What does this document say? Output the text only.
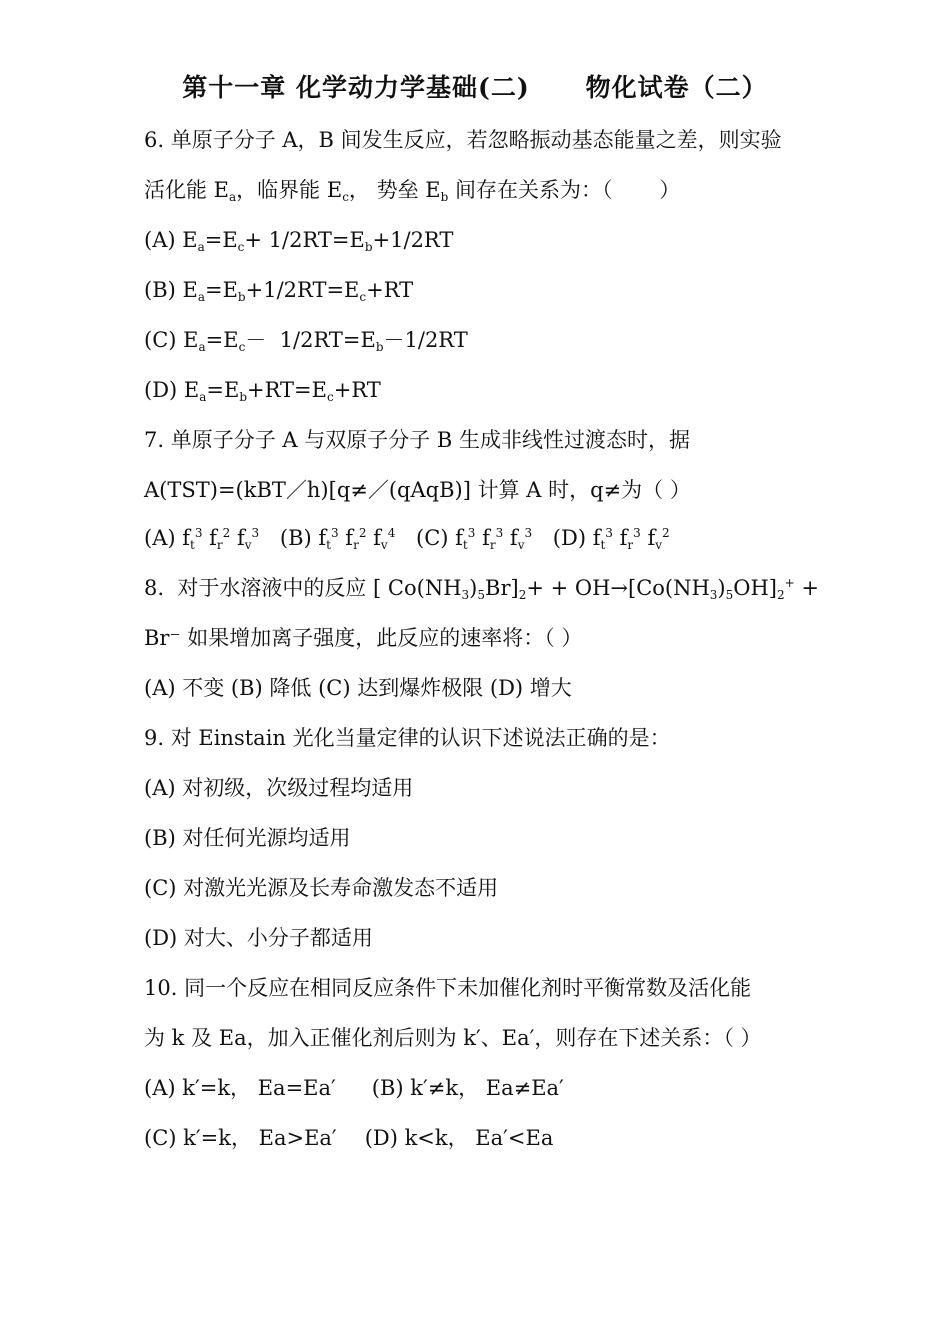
第十一章 化学动力学基础(二) 物化试卷（二）
6. 单原子分子 A，B 间发生反应，若忽略振动基态能量之差，则实验
活化能 $E_a$，临界能 $E_c$， 势垒 $E_b$ 间存在关系为：（       ）
(A) $E_a=E_c+ 1/2RT=E_b+1/2RT$
(B) $E_a=E_b+1/2RT=E_c+RT$
(C) $E_a=E_c- 1/2RT=E_b-1/2RT$
(D) $E_a=E_b+RT=E_c+RT$
7. 单原子分子 A 与双原子分子 B 生成非线性过渡态时，据
A(TST)=(kBT／h)[q≠／(qAqB)] 计算 A 时，q≠为（ ）
(A) $f_t^3$ $f_r^2$ $f_v^3$ (B) $f_t^3$ $f_r^2$ $f_v^4$ (C) $f_t^3$ $f_r^3$ $f_v^3$ (D) $f_t^3$ $f_r^3$ $f_v^2$
8.  对于水溶液中的反应 [ $Co(NH_3)_5Br]_2+ + OH\to[Co(NH_3)_5OH]_2^+$ +
Br⁻ 如果增加离子强度，此反应的速率将：（ ）
(A) 不变 (B) 降低 (C) 达到爆炸极限 (D) 增大
9. 对 Einstain 光化当量定律的认识下述说法正确的是：
(A) 对初级，次级过程均适用
(B) 对任何光源均适用
(C) 对激光光源及长寿命激发态不适用
(D) 对大、小分子都适用
10. 同一个反应在相同反应条件下未加催化剂时平衡常数及活化能
为 k 及 Ea，加入正催化剂后则为 k′、Ea′，则存在下述关系：（ ）
(A) k′=k， Ea=Ea′ (B) k′≠k， Ea≠Ea′
(C) k′=k， Ea>Ea′ (D) k<k， Ea′<Ea
